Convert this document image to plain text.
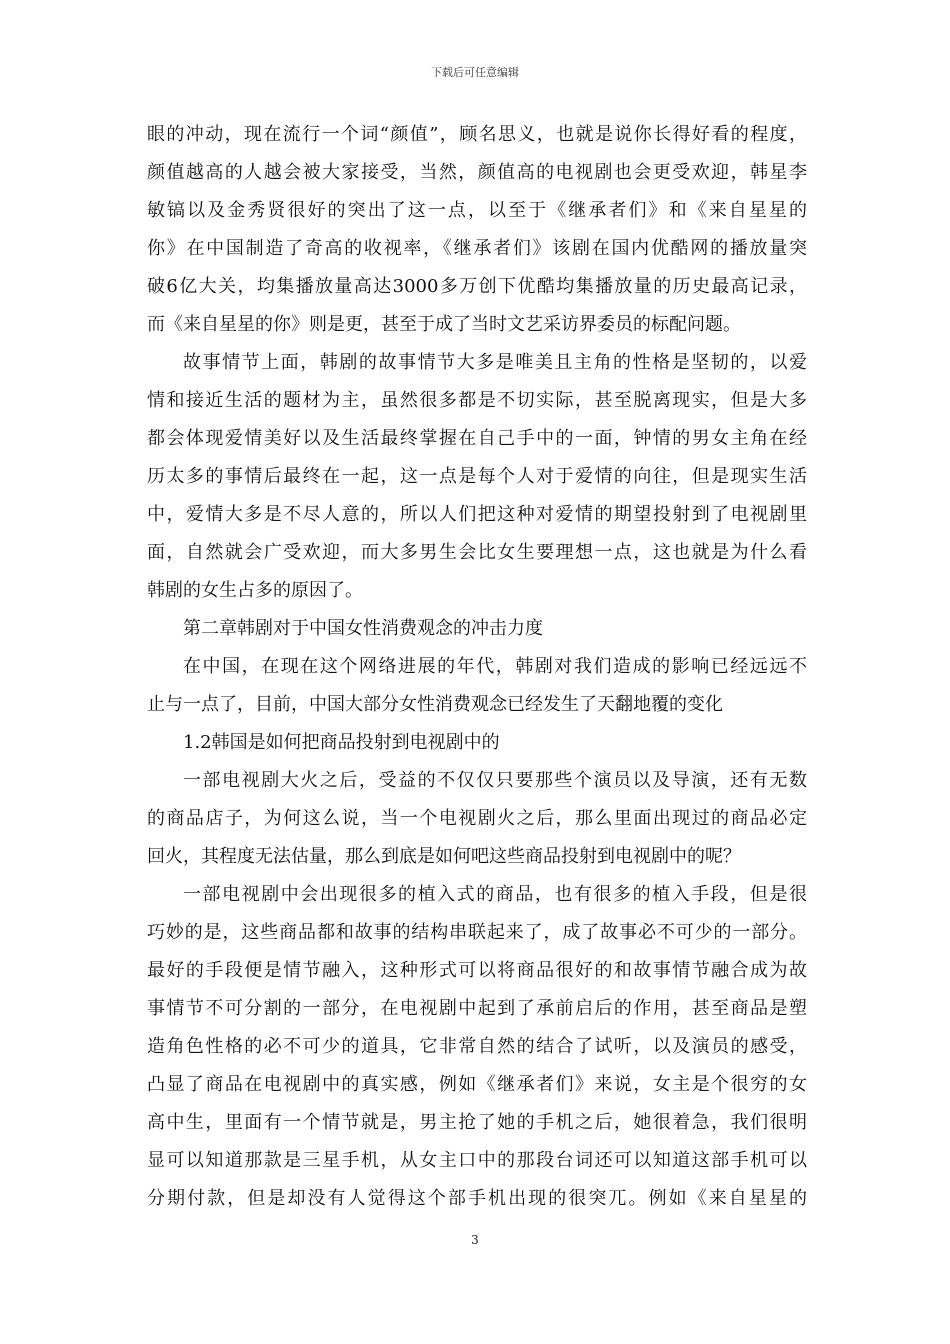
下载后可任意编辑
眼的冲动，现在流行一个词“颜值”，顾名思义，也就是说你长得好看的程度，
颜值越高的人越会被大家接受，当然，颜值高的电视剧也会更受欢迎，韩星李
敏镐以及金秀贤很好的突出了这一点，以至于《继承者们》和《来自星星的
你》在中国制造了奇高的收视率，《继承者们》该剧在国内优酷网的播放量突
破6亿大关，均集播放量高达3000多万创下优酷均集播放量的历史最高记录，
而《来自星星的你》则是更，甚至于成了当时文艺采访界委员的标配问题。
故事情节上面，韩剧的故事情节大多是唯美且主角的性格是坚韧的，以爱
情和接近生活的题材为主，虽然很多都是不切实际，甚至脱离现实，但是大多
都会体现爱情美好以及生活最终掌握在自己手中的一面，钟情的男女主角在经
历太多的事情后最终在一起，这一点是每个人对于爱情的向往，但是现实生活
中，爱情大多是不尽人意的，所以人们把这种对爱情的期望投射到了电视剧里
面，自然就会广受欢迎，而大多男生会比女生要理想一点，这也就是为什么看
韩剧的女生占多的原因了。
第二章韩剧对于中国女性消费观念的冲击力度
在中国，在现在这个网络进展的年代，韩剧对我们造成的影响已经远远不
止与一点了，目前，中国大部分女性消费观念已经发生了天翻地覆的变化
1.2韩国是如何把商品投射到电视剧中的
一部电视剧大火之后，受益的不仅仅只要那些个演员以及导演，还有无数
的商品店子，为何这么说，当一个电视剧火之后，那么里面出现过的商品必定
回火，其程度无法估量，那么到底是如何吧这些商品投射到电视剧中的呢？
一部电视剧中会出现很多的植入式的商品，也有很多的植入手段，但是很
巧妙的是，这些商品都和故事的结构串联起来了，成了故事必不可少的一部分。
最好的手段便是情节融入，这种形式可以将商品很好的和故事情节融合成为故
事情节不可分割的一部分，在电视剧中起到了承前启后的作用，甚至商品是塑
造角色性格的必不可少的道具，它非常自然的结合了试听，以及演员的感受，
凸显了商品在电视剧中的真实感，例如《继承者们》来说，女主是个很穷的女
高中生，里面有一个情节就是，男主抢了她的手机之后，她很着急，我们很明
显可以知道那款是三星手机，从女主口中的那段台词还可以知道这部手机可以
分期付款，但是却没有人觉得这个部手机出现的很突兀。例如《来自星星的
3
